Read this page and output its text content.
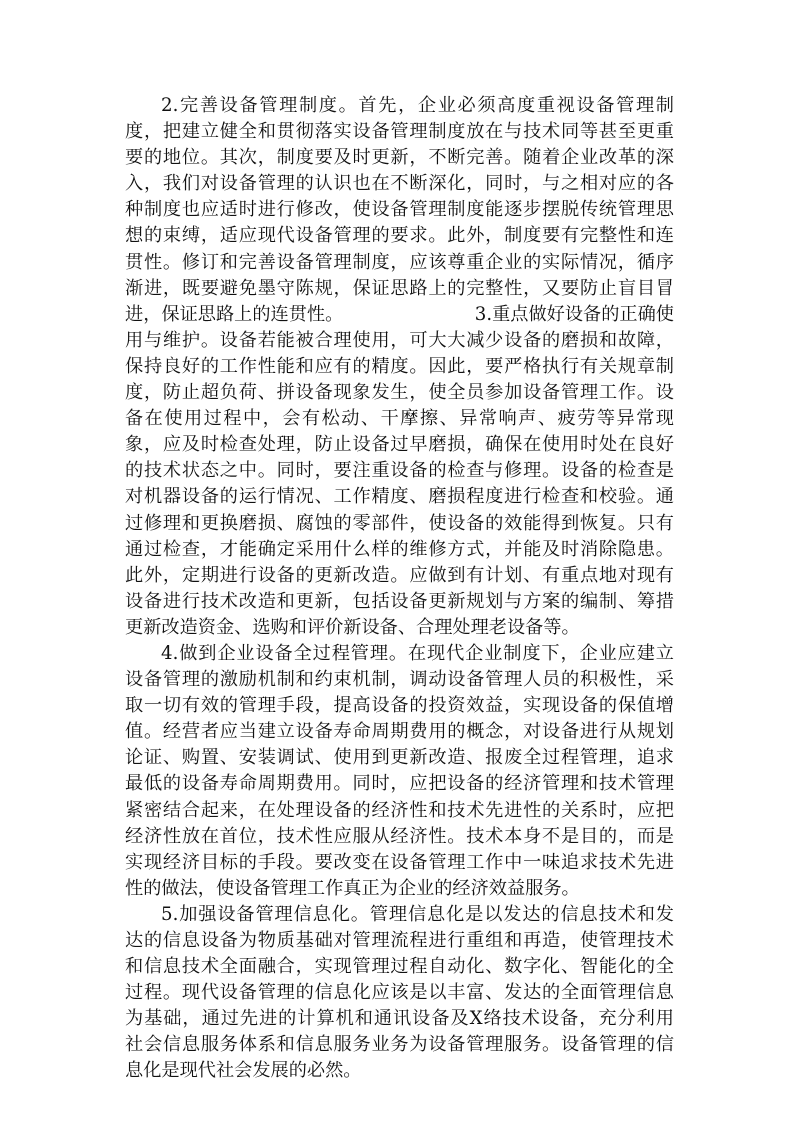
2.完善设备管理制度。首先，企业必须高度重视设备管理制
度，把建立健全和贯彻落实设备管理制度放在与技术同等甚至更重
要的地位。其次，制度要及时更新，不断完善。随着企业改革的深
入，我们对设备管理的认识也在不断深化，同时，与之相对应的各
种制度也应适时进行修改，使设备管理制度能逐步摆脱传统管理思
想的束缚，适应现代设备管理的要求。此外，制度要有完整性和连
贯性。修订和完善设备管理制度，应该尊重企业的实际情况，循序
渐进，既要避免墨守陈规，保证思路上的完整性，又要防止盲目冒
进，保证思路上的连贯性。	3.重点做好设备的正确使
用与维护。设备若能被合理使用，可大大减少设备的磨损和故障，
保持良好的工作性能和应有的精度。因此，要严格执行有关规章制
度，防止超负荷、拼设备现象发生，使全员参加设备管理工作。设
备在使用过程中，会有松动、干摩擦、异常响声、疲劳等异常现
象，应及时检查处理，防止设备过早磨损，确保在使用时处在良好
的技术状态之中。同时，要注重设备的检查与修理。设备的检查是
对机器设备的运行情况、工作精度、磨损程度进行检查和校验。通
过修理和更换磨损、腐蚀的零部件，使设备的效能得到恢复。只有
通过检查，才能确定采用什么样的维修方式，并能及时消除隐患。
此外，定期进行设备的更新改造。应做到有计划、有重点地对现有
设备进行技术改造和更新，包括设备更新规划与方案的编制、筹措
更新改造资金、选购和评价新设备、合理处理老设备等。
4.做到企业设备全过程管理。在现代企业制度下，企业应建立
设备管理的激励机制和约束机制，调动设备管理人员的积极性，采
取一切有效的管理手段，提高设备的投资效益，实现设备的保值增
值。经营者应当建立设备寿命周期费用的概念，对设备进行从规划
论证、购置、安装调试、使用到更新改造、报废全过程管理，追求
最低的设备寿命周期费用。同时，应把设备的经济管理和技术管理
紧密结合起来，在处理设备的经济性和技术先进性的关系时，应把
经济性放在首位，技术性应服从经济性。技术本身不是目的，而是
实现经济目标的手段。要改变在设备管理工作中一味追求技术先进
性的做法，使设备管理工作真正为企业的经济效益服务。
5.加强设备管理信息化。管理信息化是以发达的信息技术和发
达的信息设备为物质基础对管理流程进行重组和再造，使管理技术
和信息技术全面融合，实现管理过程自动化、数字化、智能化的全
过程。现代设备管理的信息化应该是以丰富、发达的全面管理信息
为基础，通过先进的计算机和通讯设备及X络技术设备，充分利用
社会信息服务体系和信息服务业务为设备管理服务。设备管理的信
息化是现代社会发展的必然。
